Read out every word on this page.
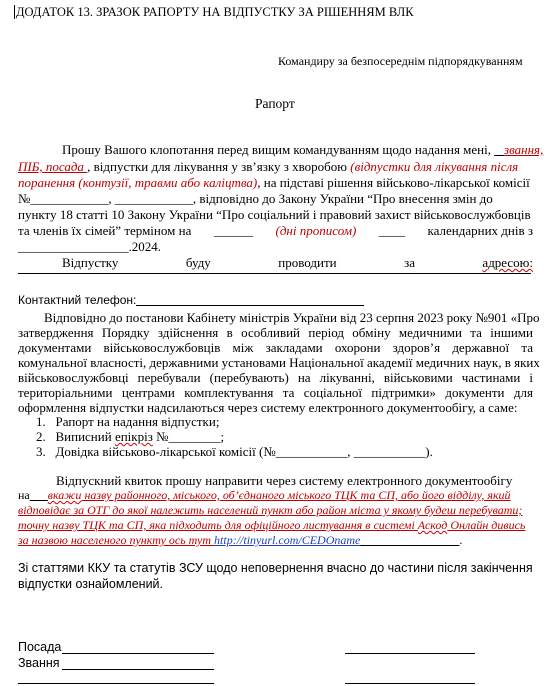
ДОДАТОК 13. ЗРАЗОК РАПОРТУ НА ВІДПУСТКУ ЗА РІШЕННЯМ ВЛК
Командиру за безпосереднім підпорядкуванням
Рапорт
Прошу Вашого клопотання перед вищим командуванням щодо надання мені,    звання,
ПІБ, посада , відпустки для лікування у зв’язку з хворобою (відпустки для лікування після
поранення (контузії, травми або каліцтва), на підставі рішення військово-лікарської комісії
№____________, ____________, відповідно до Закону України “Про внесення змін до
пункту 18 статті 10 Закону України “Про соціальний і правовий захист військовослужбовців
та членів їх сімей” терміном на ______ (дні прописом) ____ календарних днів з
_________________.2024.
Відпустку	буду	проводити	за	адресою:
Контактний телефон:
Відповідно до постанови Кабінету міністрів України від 23 серпня 2023 року №901 «Про
затвердження Порядку здійснення в особливий період обміну медичними та іншими
документами військовослужбовців між закладами охорони здоров’я державної та
комунальної власності, державними установами Національної академії медичних наук, в яких
військовослужбовці перебували (перебувають) на лікуванні, військовими частинами і
територіальними центрами комплектування та соціальної підтримки» документи для
оформлення відпустки надсилаються через систему електронного документообігу, а саме:
1. Рапорт на надання відпустки;
2. Виписний епікріз №________;
3. Довідка військово-лікарської комісії (№___________, ___________).
Відпускний квиток прошу направити через систему електронного документообігу
на___вкажи назву районного, міського, об’єднаного міського ТЦК та СП, або його відділу, який
відповідає за ОТГ до якої належить населений пункт або район міста у якому будеш перебувати;
точну назву ТЦК та СП, яка підходить для офіційного листування в системі Аскод Онлайн дивись
за назвою населеного пункту ось тут http://tinyurl.com/CEDОname ________________.
Зі статтями ККУ та статутів ЗСУ щодо неповернення вчасно до частини після закінчення
відпустки ознайомлений.
Посада
Звання
